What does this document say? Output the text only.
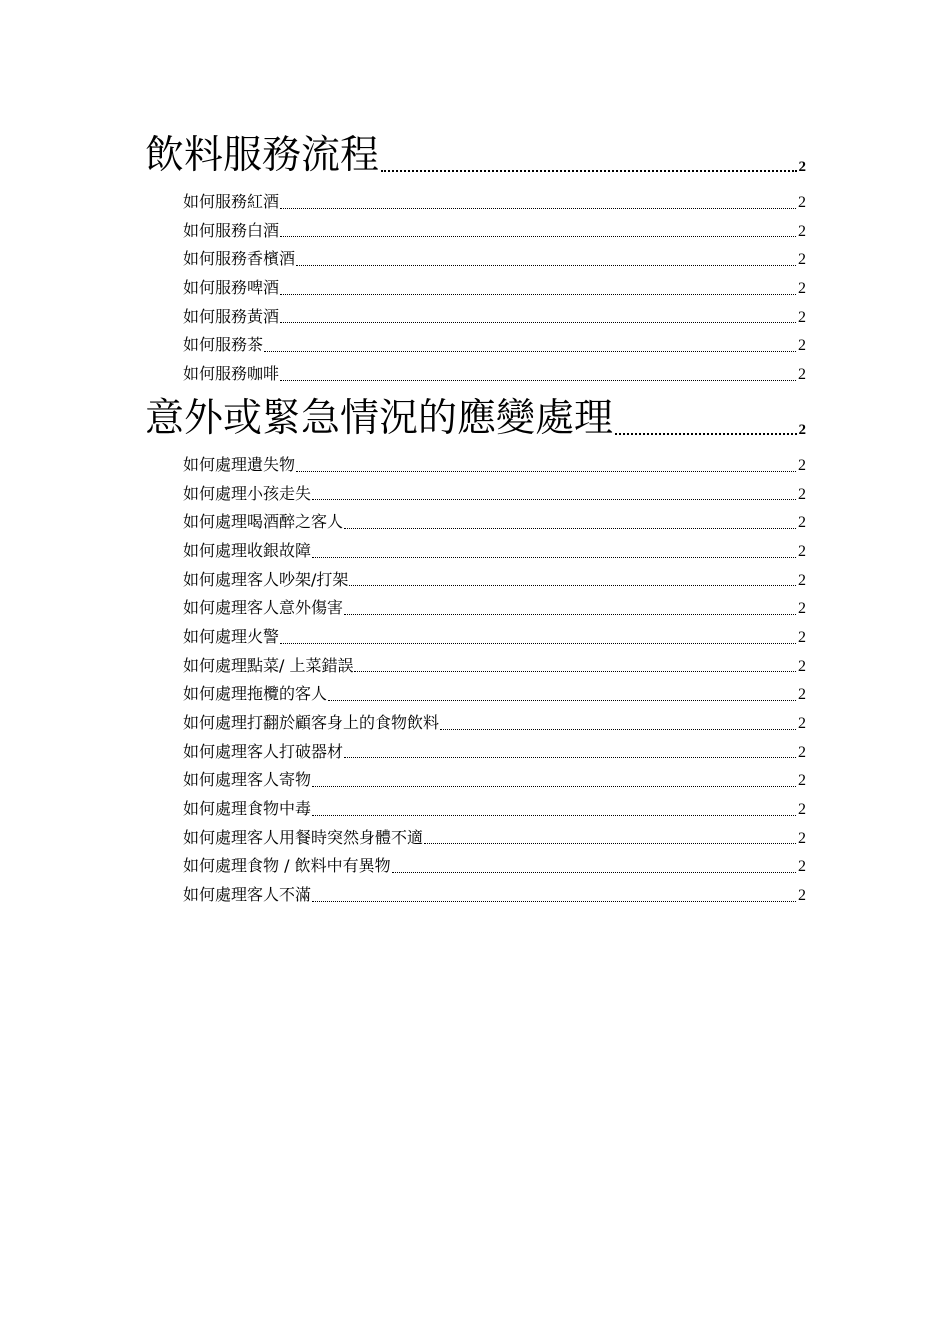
飲料服務流程	2
如何服務紅酒	2
如何服務白酒	2
如何服務香檳酒	2
如何服務啤酒	2
如何服務黃酒	2
如何服務茶	2
如何服務咖啡	2
意外或緊急情況的應變處理	2
如何處理遺失物	2
如何處理小孩走失	2
如何處理喝酒醉之客人	2
如何處理收銀故障	2
如何處理客人吵架/打架	2
如何處理客人意外傷害	2
如何處理火警	2
如何處理點菜/ 上菜錯誤	2
如何處理拖欖的客人	2
如何處理打翻於顧客身上的食物飲料	2
如何處理客人打破器材	2
如何處理客人寄物	2
如何處理食物中毒	2
如何處理客人用餐時突然身體不適	2
如何處理食物 / 飲料中有異物	2
如何處理客人不滿	2
